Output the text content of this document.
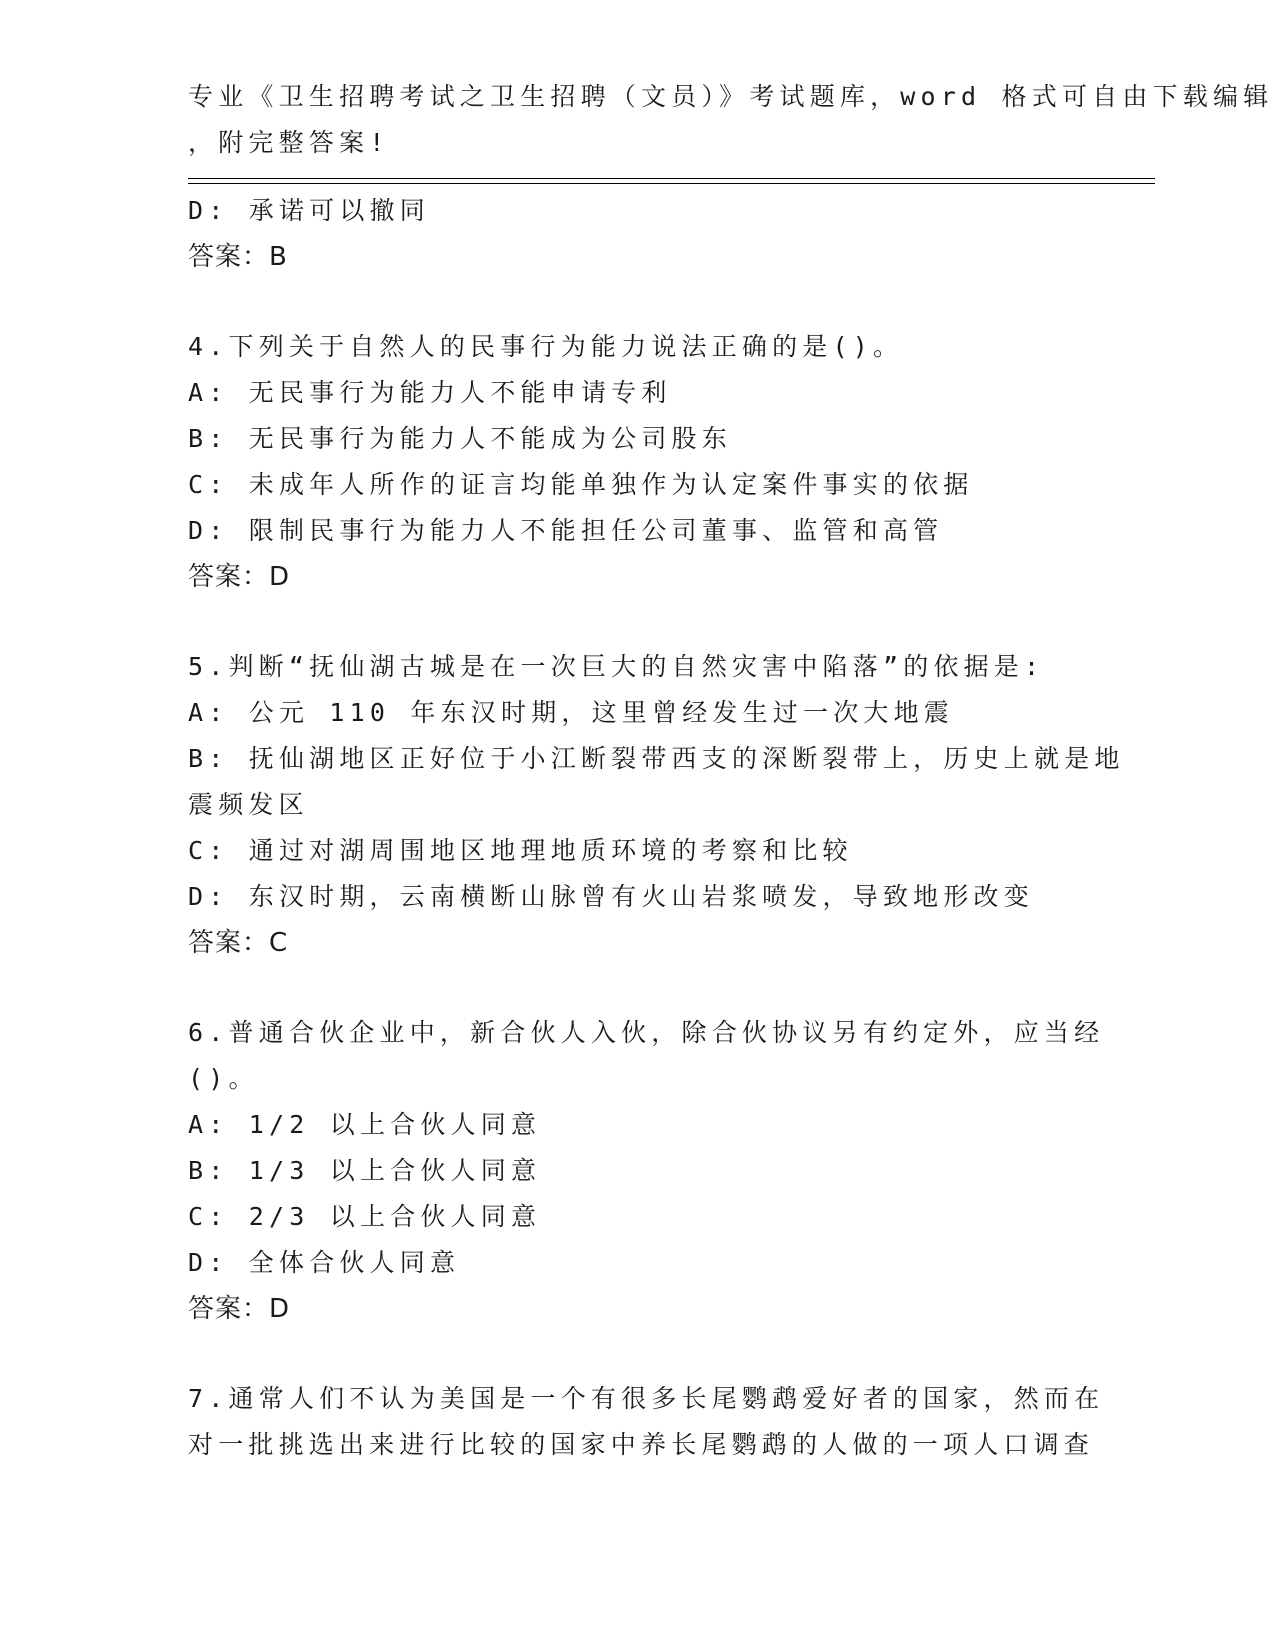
专业《卫生招聘考试之卫生招聘（文员）》考试题库，word 格式可自由下载编辑
，附完整答案!
D: 承诺可以撤同
答案：B
4.下列关于自然人的民事行为能力说法正确的是()。
A: 无民事行为能力人不能申请专利
B: 无民事行为能力人不能成为公司股东
C: 未成年人所作的证言均能单独作为认定案件事实的依据
D: 限制民事行为能力人不能担任公司董事、监管和高管
答案：D
5.判断“抚仙湖古城是在一次巨大的自然灾害中陷落”的依据是:
A: 公元 110 年东汉时期，这里曾经发生过一次大地震
B: 抚仙湖地区正好位于小江断裂带西支的深断裂带上，历史上就是地
震频发区
C: 通过对湖周围地区地理地质环境的考察和比较
D: 东汉时期，云南横断山脉曾有火山岩浆喷发，导致地形改变
答案：C
6.普通合伙企业中，新合伙人入伙，除合伙协议另有约定外，应当经
()。
A: 1/2 以上合伙人同意
B: 1/3 以上合伙人同意
C: 2/3 以上合伙人同意
D: 全体合伙人同意
答案：D
7.通常人们不认为美国是一个有很多长尾鹦鹉爱好者的国家，然而在
对一批挑选出来进行比较的国家中养长尾鹦鹉的人做的一项人口调查
